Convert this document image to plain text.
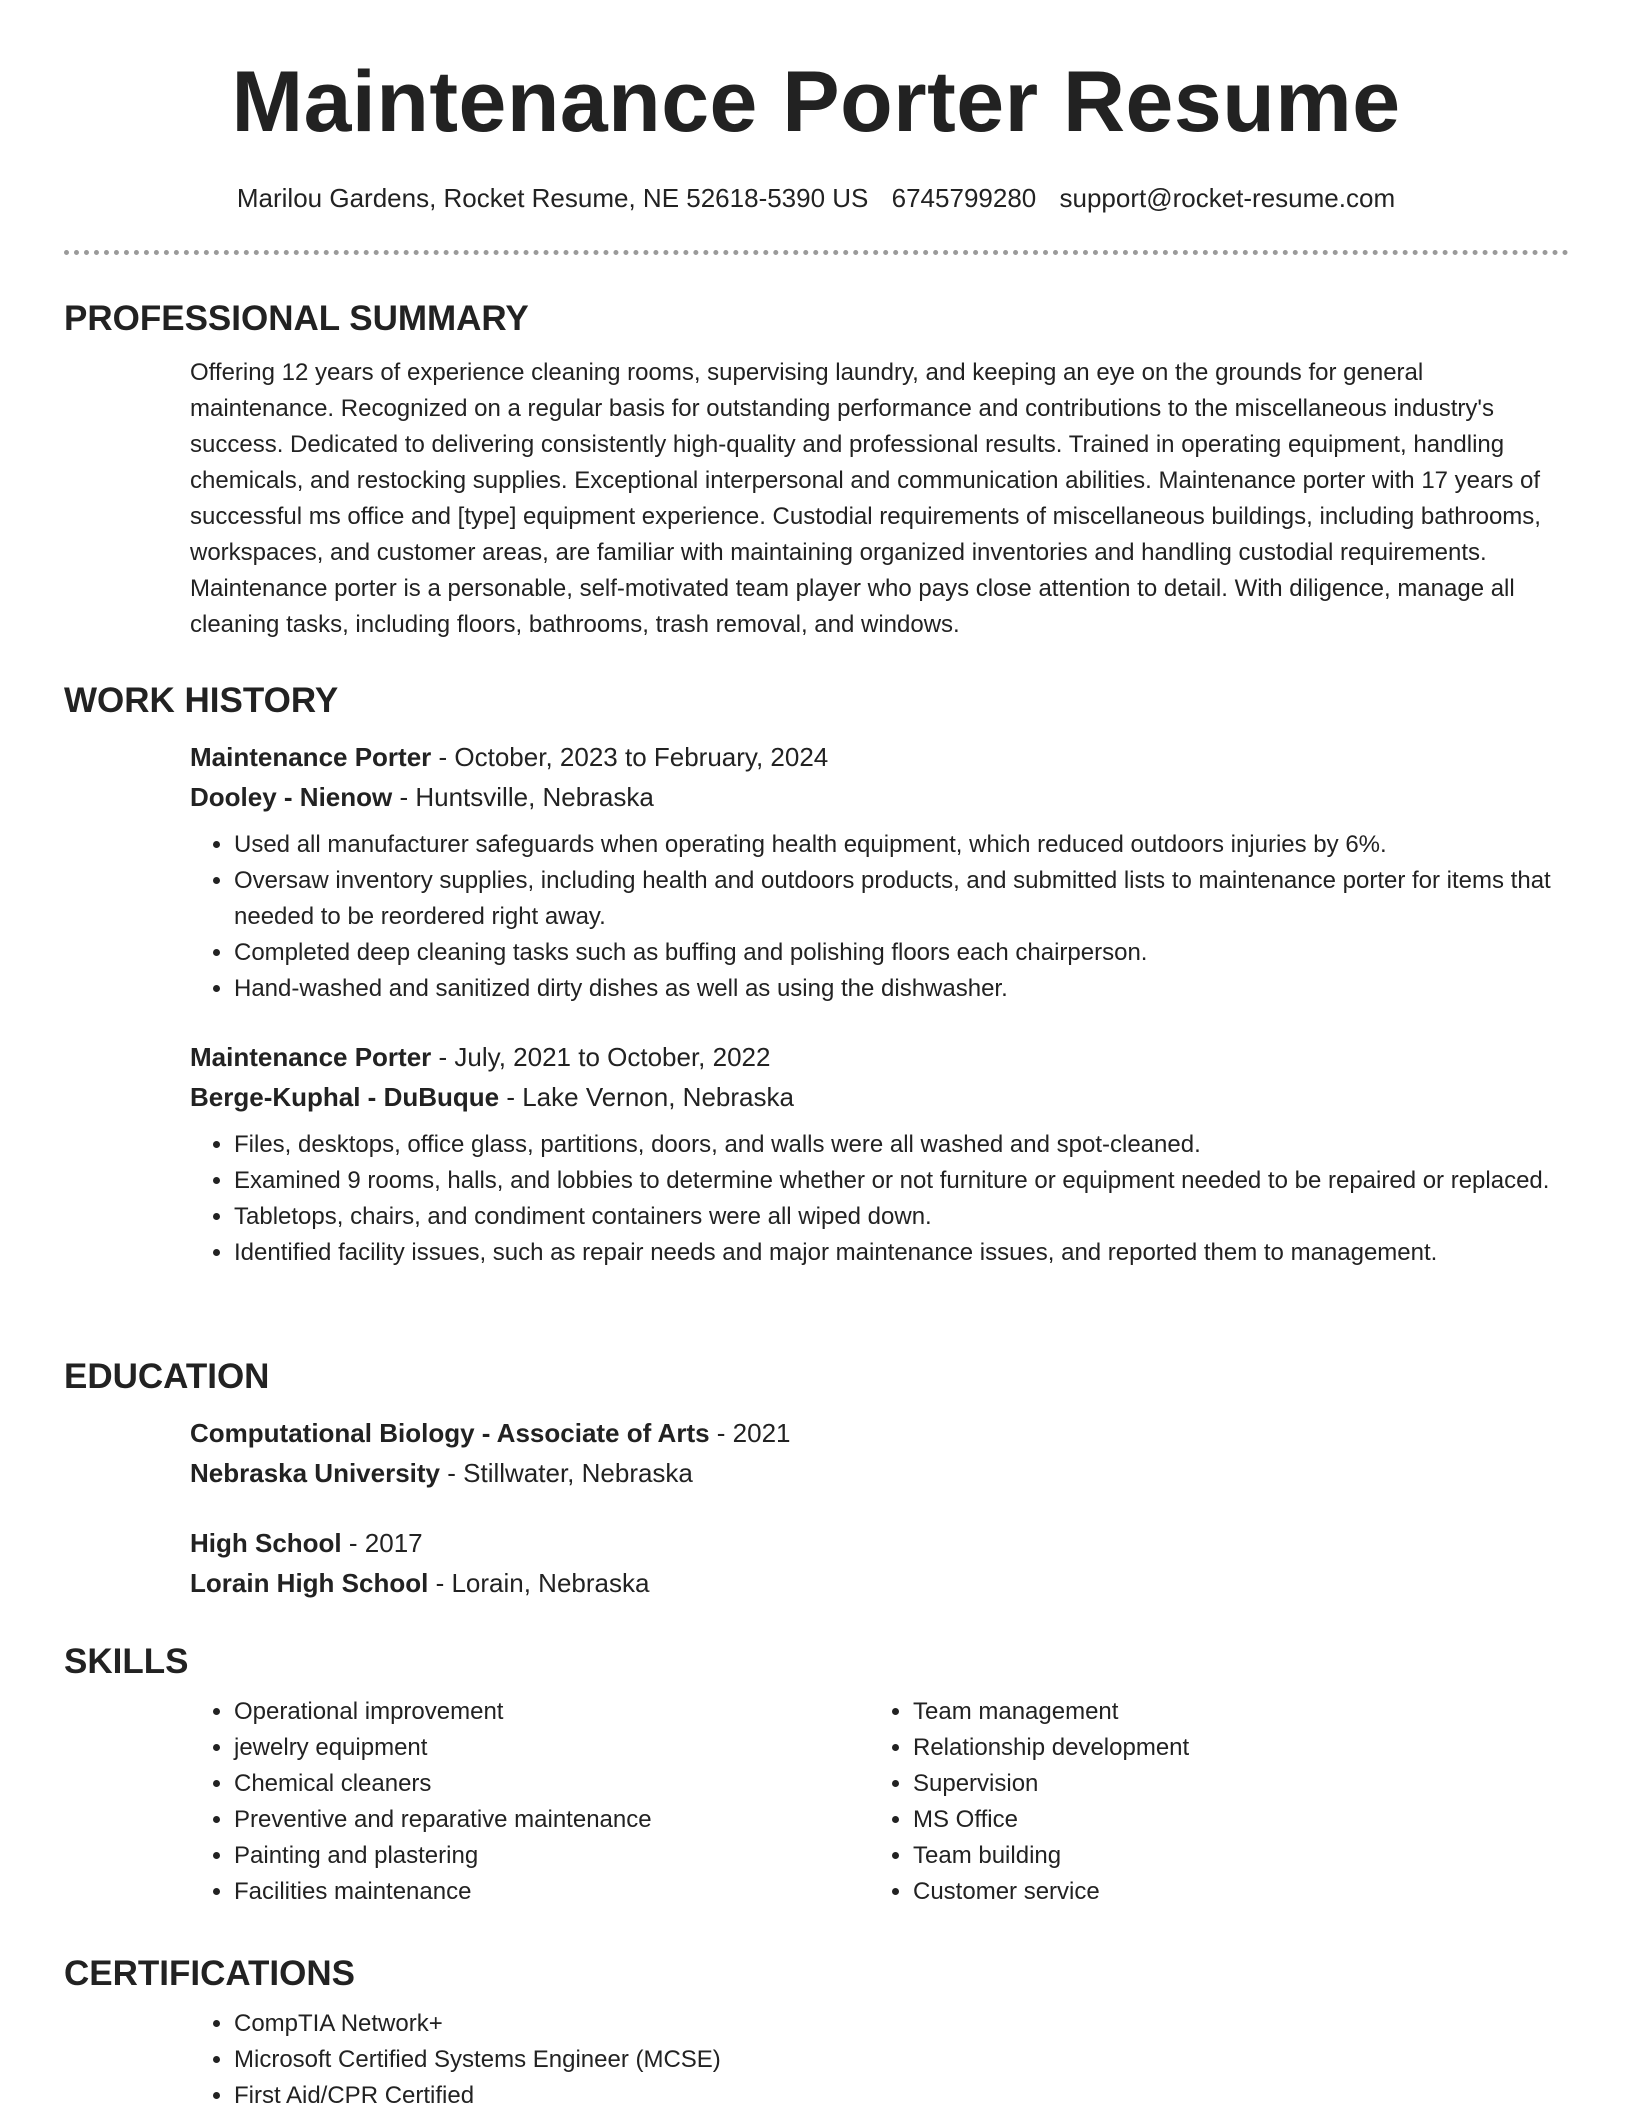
Maintenance Porter Resume
Marilou Gardens, Rocket Resume, NE 52618-5390 US 6745799280 support@rocket-resume.com
PROFESSIONAL SUMMARY

Offering 12 years of experience cleaning rooms, supervising laundry, and keeping an eye on the grounds for general maintenance. Recognized on a regular basis for outstanding performance and contributions to the miscellaneous industry's success. Dedicated to delivering consistently high-quality and professional results. Trained in operating equipment, handling chemicals, and restocking supplies. Exceptional interpersonal and communication abilities. Maintenance porter with 17 years of successful ms office and [type] equipment experience. Custodial requirements of miscellaneous buildings, including bathrooms, workspaces, and customer areas, are familiar with maintaining organized inventories and handling custodial requirements. Maintenance porter is a personable, self-motivated team player who pays close attention to detail. With diligence, manage all cleaning tasks, including floors, bathrooms, trash removal, and windows.

WORK HISTORY
Maintenance Porter - October, 2023 to February, 2024
Dooley - Nienow - Huntsville, Nebraska
• Used all manufacturer safeguards when operating health equipment, which reduced outdoors injuries by 6%.
• Oversaw inventory supplies, including health and outdoors products, and submitted lists to maintenance porter for items that needed to be reordered right away.
• Completed deep cleaning tasks such as buffing and polishing floors each chairperson.
• Hand-washed and sanitized dirty dishes as well as using the dishwasher.
Maintenance Porter - July, 2021 to October, 2022
Berge-Kuphal - DuBuque - Lake Vernon, Nebraska
• Files, desktops, office glass, partitions, doors, and walls were all washed and spot-cleaned.
• Examined 9 rooms, halls, and lobbies to determine whether or not furniture or equipment needed to be repaired or replaced.
• Tabletops, chairs, and condiment containers were all wiped down.
• Identified facility issues, such as repair needs and major maintenance issues, and reported them to management.
EDUCATION
Computational Biology - Associate of Arts - 2021
Nebraska University - Stillwater, Nebraska
High School - 2017
Lorain High School - Lorain, Nebraska
SKILLS
• Operational improvement
• jewelry equipment
• Chemical cleaners
• Preventive and reparative maintenance
• Painting and plastering
• Facilities maintenance
• Team management
• Relationship development
• Supervision
• MS Office
• Team building
• Customer service
CERTIFICATIONS
• CompTIA Network+
• Microsoft Certified Systems Engineer (MCSE)
• First Aid/CPR Certified
